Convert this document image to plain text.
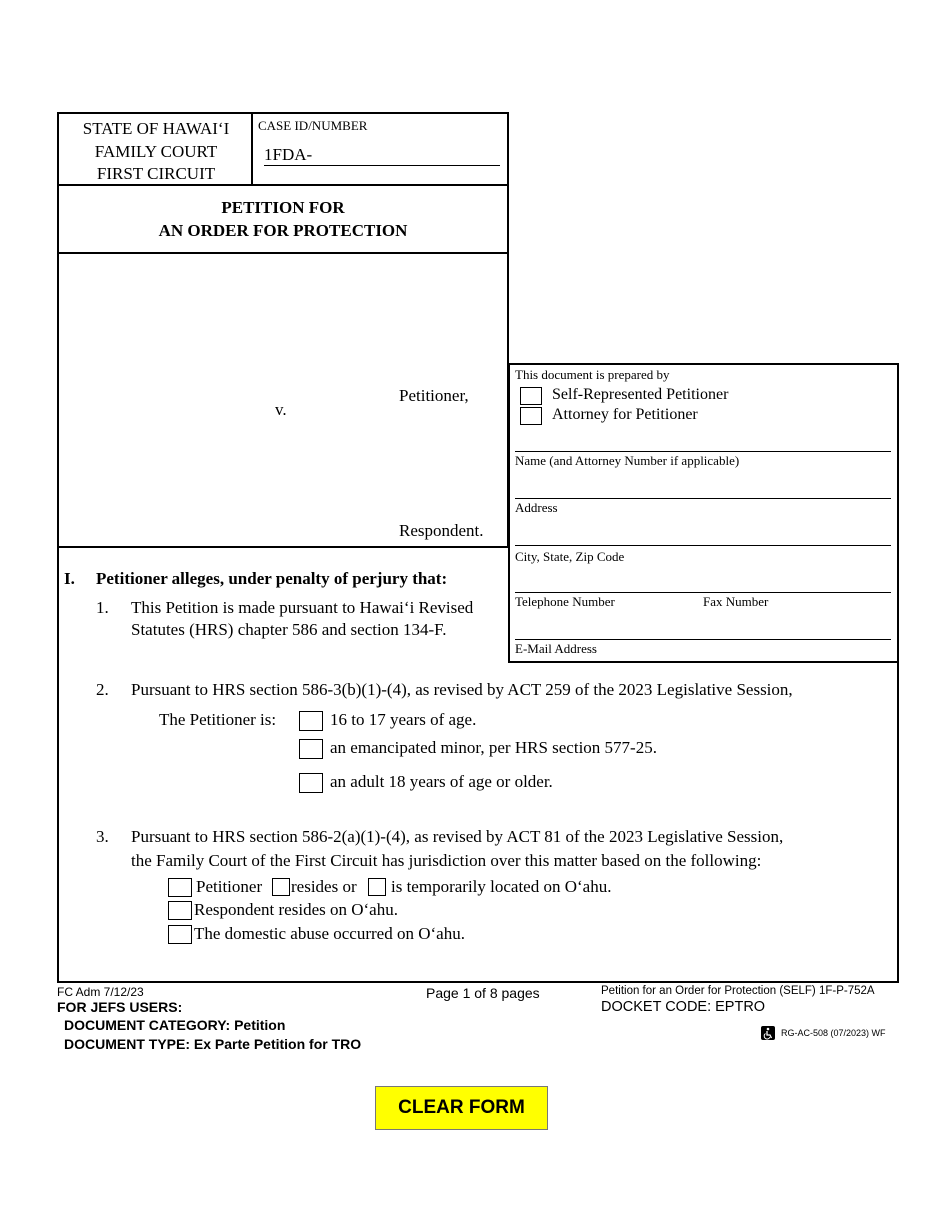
STATE OF HAWAI‘I
FAMILY COURT
FIRST CIRCUIT
CASE ID/NUMBER
1FDA-
PETITION FOR
AN ORDER FOR PROTECTION
v.
Petitioner,
Respondent.
This document is prepared by
Self-Represented Petitioner
Attorney for Petitioner
Name (and Attorney Number if applicable)
Address
City, State, Zip Code
Telephone Number	Fax Number
E-Mail Address
I. Petitioner alleges, under penalty of perjury that:
1. This Petition is made pursuant to Hawai‘i Revised
Statutes (HRS) chapter 586 and section 134-F.
2. Pursuant to HRS section 586-3(b)(1)-(4), as revised by ACT 259 of the 2023 Legislative Session,
The Petitioner is:	16 to 17 years of age.
an emancipated minor, per HRS section 577-25.
an adult 18 years of age or older.
3. Pursuant to HRS section 586-2(a)(1)-(4), as revised by ACT 81 of the 2023 Legislative Session,
the Family Court of the First Circuit has jurisdiction over this matter based on the following:
Petitioner resides or is temporarily located on O‘ahu.
Respondent resides on O‘ahu.
The domestic abuse occurred on O‘ahu.
FC Adm 7/12/23
FOR JEFS USERS:
DOCUMENT CATEGORY: Petition
DOCUMENT TYPE: Ex Parte Petition for TRO
Page 1 of 8 pages	Petition for an Order for Protection (SELF) 1F-P-752A
DOCKET CODE: EPTRO
RG-AC-508 (07/2023) WF
CLEAR FORM
